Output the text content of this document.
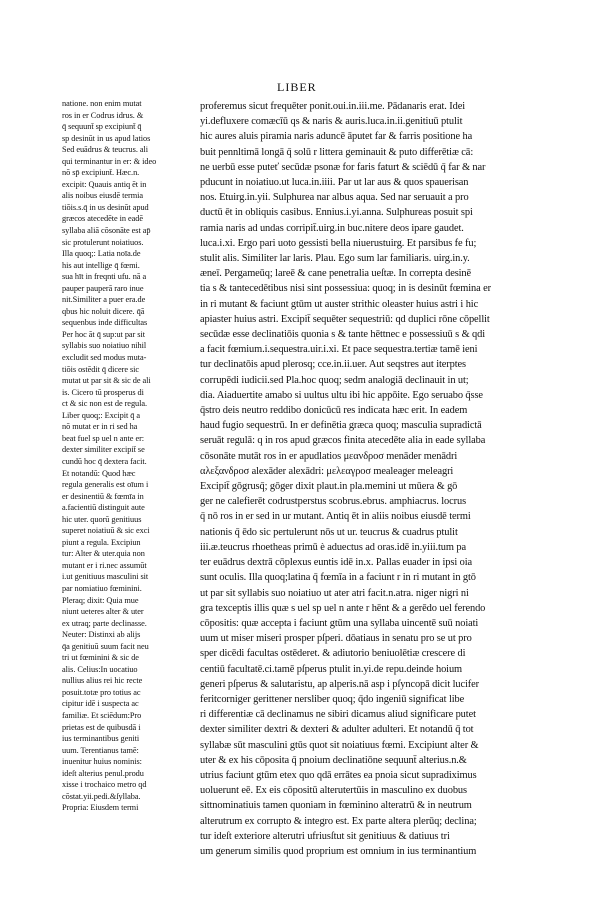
LIBER
natione. non enim mutat
ros in er Codrus idrus. &
q̄ sequunt̄ sp excipiunt̄ q̄
sp desinūt in us apud latios
Sed euādrus & teucrus. ali
qui terminantur in er: & ideo
nō sp̄ excipiunt̄. Hæc.n.
excipit: Quauis antiq ēt in
alis noibus eiusdē termia
tiōis.s.q̄ in us desinūt apud
græcos atecedēte in eadē
syllaba aliā cōsonāte est ap̄
sic protulerunt noiatiuos.
Illa quoq;: Latia noīa.de
his aut intellige q̄ fœmi.
sua hīt in freqnti ufu. nā a
pauper pauperā raro inue
nit.Similiter a puer era.de
qbus hic noluit dicere. q̄ā
sequenbus inde difficultas
Per hoc āt q̄ sup:ut par sit
syllabis suo noiatiuo nihil
excludit sed modus muta-
tiōis ostēdit q̄ dicere sic
mutat ut par sit & sic de ali
is. Cicero tū prosperus di
ct & sic non est de regula.
Liber quoq;: Excipit q̄ a
nō mutat er in ri sed ha
beat fuel sp uel n ante er:
dexter similiter excipit̄ se
cundū hoc q̄ dextera facit.
Et notandū: Quod hæc
regula generalis est oīum i
er desinentiū & fœmīa in
a.facientiū distinguit aute
hic uter. quorū genitiuus
superet noiatiuū & sic exci
piunt a regula. Excipiun
tur: Alter & uter.quia non
mutant er i ri.nec assumūt
i.ut genitiuus masculini sit
par nomiatiuo fœminini.
Pleraq; dixit: Quia mue
niunt ueteres alter & uter
ex utraq; parte declinasse.
Neuter: Distinxi ab alijs
q̄a genitiuū suum facit neu
tri ut fœminini & sic de
alis. Celius:In uocatiuo
nullius alius rei hic recte
posuit.totæ pro totius ac
cipitur idē i suspecta ac
familiæ. Et sciēdum:Pro
prietas est de quibusdā i
ius terminantibus geniti
uum. Terentianus tamē:
inuenitur huius nominis:
ideſt alterius penul.produ
xisse i trochaico metro qd
cōstat.yii.pedi.&ſyllaba.
Propria: Eiusdem termi
proferemus sicut frequēter ponit.oui.in.iii.me. Pādanaris erat. Idei
yi.defluxere comæcīū qs & naris & auris.luca.in.ii.genitiuū ptulit
hic aures aluis piramia naris aduncē āputet far & farris positione ha
buit pennltimā longā q̄ solū r littera geminauit & puto differētiæ cā:
ne uerbū esse puteť secūdæ psonæ for faris faturt & sciēdū q̄ far & nar
pducunt in noiatiuo.ut luca.in.iiii. Par ut lar aus & quos spauerisan
nos. Etuirg.in.yii. Sulphurea nar albus aqua. Sed nar seruauit a pro
ductū ēt in obliquis casibus. Ennius.i.yi.anna. Sulphureas posuit spi
ramia naris ad undas corripit̄.uirg.in buc.nitere deos ipare gaudet.
luca.i.xi. Ergo pari uoto gessisti bella niuerustuirg. Et parsibus fe fu;
stulit alis. Similiter lar laris. Plau. Ego sum lar familiaris. uirg.in.y.
æneī. Pergameūq; lareē & cane penetralia ueſtæ. In correpta desinē
tia s & tantecedētibus nisi sint possessiua: quoq; in is desinūt fœmina er
in ri mutant & faciunt gtūm ut auster strithic oleaster huius astri i hic
apiaster huius astri. Excipit̄ sequēter sequestriū: qd duplici rōne cōpellit
secūdæ esse declinatiōis quonia s & tante hēttnec e possessiuū s & qdi
a facit fœmium.i.sequestra.uir.i.xi. Et pace sequestra.tertiæ tamē ieni
tur declinatōis apud plerosq; cce.in.ii.uer. Aut seqstres aut iterptes
corrupēdi iudicii.sed Pla.hoc quoq; sedm analogiā declinauit in ut;
dia. Aiaduertite amabo si uultus ultu ibi hic appōite. Ego seruabo q̄sse
q̄stro deis neutro reddibo donicūcū res indicata hæc erit. In eadem
haud fugio sequestrū. In er definētia græca quoq; masculia supradictā
seruāt regulā: q in ros apud græcos finita atecedēte alia in eade syllaba
cōsonāte mutāt ros in er apudlatios μεανδροσ menāder menādri
αλεξανδροσ alexāder alexādri: μελεαγροσ mealeager meleagri
Excipit̄ gōgrusq̄; gōger dixit plaut.in pla.memini ut mūera & gō
ger ne calefierēt codrustperstus scobrus.ebrus. amphiacrus. locrus
q̄ nō ros in er sed in ur mutant. Antiq ēt in aliis noibus eiusdē termi
nationis q̄ ēdo sic pertulerunt nōs ut ur. teucrus & cuadrus ptulit
iii.æ.teucrus rhoetheas primū è aduectus ad oras.idē in.yiii.tum pa
ter euādrus dextrā cōplexus euntis idē in.x. Pallas euader in ipsi oia
sunt oculis. Illa quoq;latina q̄ fœmīa in a faciunt r in ri mutant in gtō
ut par sit syllabis suo noiatiuo ut ater atri facit.n.atra. niger nigri ni
gra texceptis illis quæ s uel sp uel n ante r hēnt & a gerēdo uel ferendo
cōpositis: quæ accepta i faciunt gtūm una syllaba uincentē suū noiati
uum ut miser miseri prosper pſperi. dōatiaus in senatu pro se ut pro
sper dicēdi facultas ostēderet. & adiutorio beniuolētiæ crescere di
centiū facultatē.ci.tamē pſperus ptulit in.yi.de repu.deinde hoium
generi pſperus & salutaristu, ap alperis.nā asp i pſyncopā dicit lucifer
feritcorniger gerittener nersliber quoq; q̄do ingeniū significat libe
ri differentiæ cā declinamus ne sibiri dicamus aliud significare putet
dexter similiter dextri & dexteri & adulter adulteri. Et notandū q̄ tot
syllabæ sūt masculini gtūs quot sit noiatiuus fœmi. Excipiunt alter &
uter & ex his cōposita q̄ pnoium declinatiōne sequunt̄ alterius.n.&
utrius faciunt gtūm etex quo qdā errātes ea pnoia sicut supradiximus
uoluerunt eē. Ex eis cōpositū alterutertūis in masculino ex duobus
sittnominatiuis tamen quoniam in fœminino alteratrū & in neutrum
alterutrum ex corrupto & integro est. Ex parte altera plerūq; declina;
tur ideſt exteriore alterutri ufriusſtut sit genitiuus & datiuus tri
um generum similis quod proprium est omnium in ius terminantium
